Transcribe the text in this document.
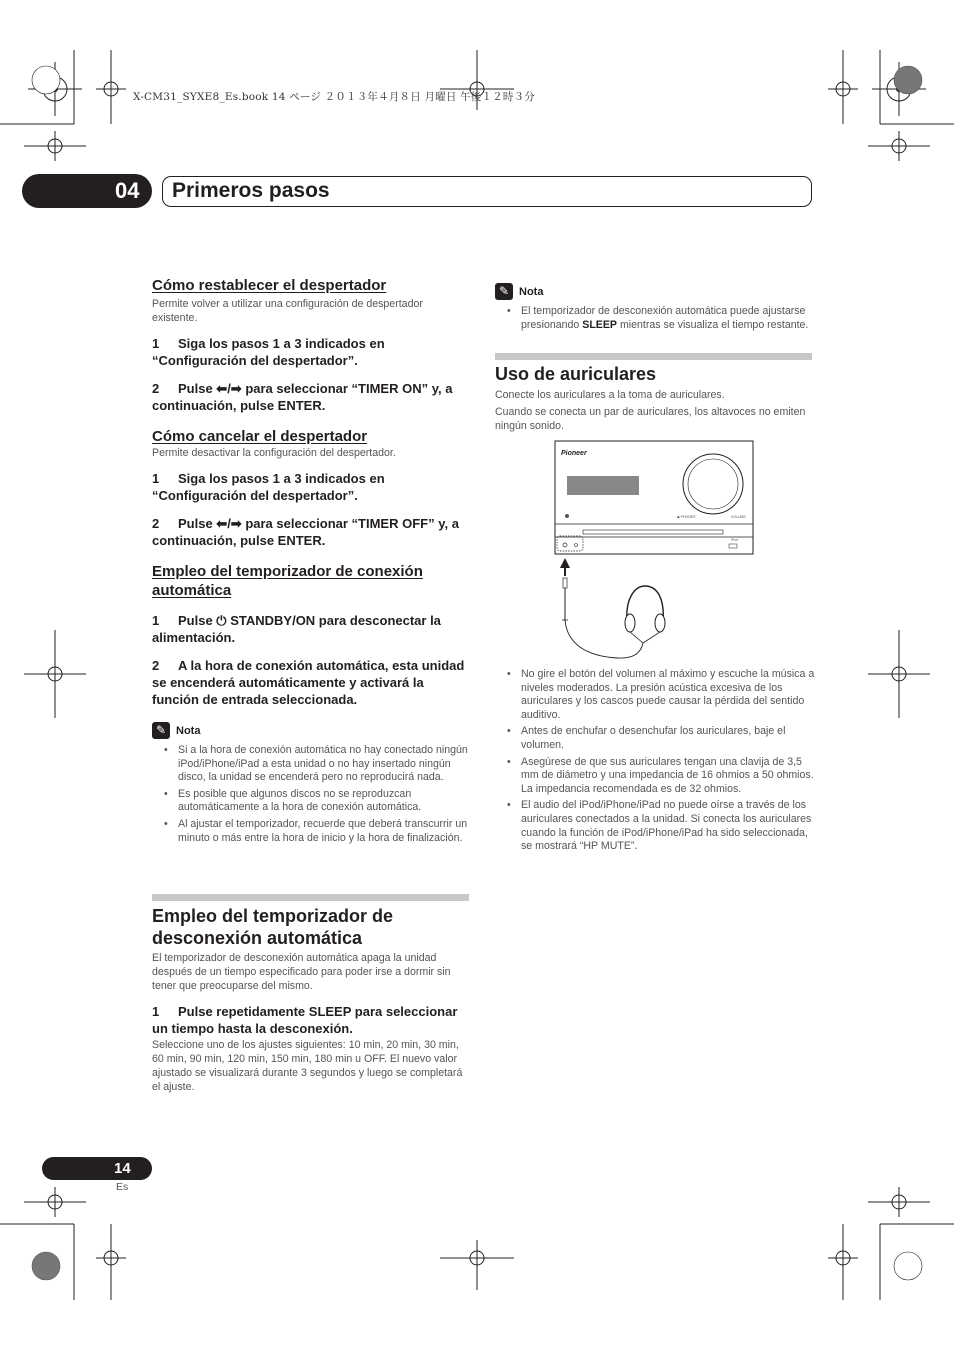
X-CM31_SYXE8_Es.book 14 ページ ２０１３年４月８日 月曜日 午後１２時３分
04	Primeros pasos
Cómo restablecer el despertador
Permite volver a utilizar una configuración de despertador existente.
1 Siga los pasos 1 a 3 indicados en “Configuración del despertador”.
2 Pulse ⬅/➡ para seleccionar “TIMER ON” y, a continuación, pulse ENTER.
Cómo cancelar el despertador
Permite desactivar la configuración del despertador.
1 Siga los pasos 1 a 3 indicados en “Configuración del despertador”.
2 Pulse ⬅/➡ para seleccionar “TIMER OFF” y, a continuación, pulse ENTER.
Empleo del temporizador de conexión automática
1 Pulse ⏻ STANDBY/ON para desconectar la alimentación.
2 A la hora de conexión automática, esta unidad se encenderá automáticamente y activará la función de entrada seleccionada.
✎ Nota
• Si a la hora de conexión automática no hay conectado ningún iPod/iPhone/iPad a esta unidad o no hay insertado ningún disco, la unidad se encenderá pero no reproducirá nada.
• Es posible que algunos discos no se reproduzcan automáticamente a la hora de conexión automática.
• Al ajustar el temporizador, recuerde que deberá transcurrir un minuto o más entre la hora de inicio y la hora de finalización.
Empleo del temporizador de desconexión automática
El temporizador de desconexión automática apaga la unidad después de un tiempo especificado para poder irse a dormir sin tener que preocuparse del mismo.
1 Pulse repetidamente SLEEP para seleccionar un tiempo hasta la desconexión.
Seleccione uno de los ajustes siguientes: 10 min, 20 min, 30 min, 60 min, 90 min, 120 min, 150 min, 180 min u OFF. El nuevo valor ajustado se visualizará durante 3 segundos y luego se completará el ajuste.
✎ Nota
• El temporizador de desconexión automática puede ajustarse presionando SLEEP mientras se visualiza el tiempo restante.
Uso de auriculares
Conecte los auriculares a la toma de auriculares.
Cuando se conecta un par de auriculares, los altavoces no emiten ningún sonido.
Pioneer
◆ PHONES	VOLUME
iPod
• No gire el botón del volumen al máximo y escuche la música a niveles moderados. La presión acústica excesiva de los auriculares y los cascos puede causar la pérdida del sentido auditivo.
• Antes de enchufar o desenchufar los auriculares, baje el volumen.
• Asegúrese de que sus auriculares tengan una clavija de 3,5 mm de diámetro y una impedancia de 16 ohmios a 50 ohmios. La impedancia recomendada es de 32 ohmios.
• El audio del iPod/iPhone/iPad no puede oírse a través de los auriculares conectados a la unidad. Si conecta los auriculares cuando la función de iPod/iPhone/iPad ha sido seleccionada, se mostrará “HP MUTE”.
14
Es
